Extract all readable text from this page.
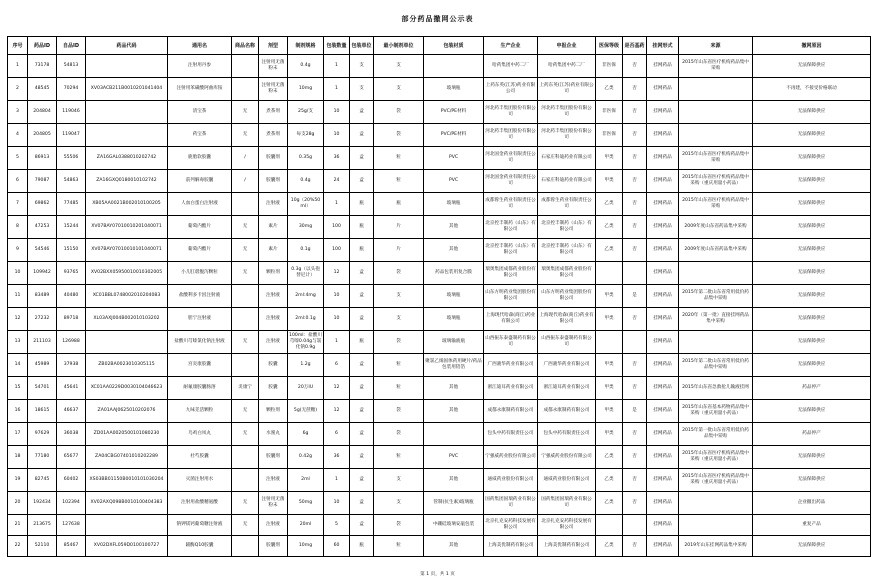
部分药品撤网公示表
序号	药品ID	自品ID	药品代码	通用名	商品名称	剂型	制剂规格	包装数量	包装单位	最小制剂单位	包装材质	生产企业	申报企业	医保等级	是否基药	挂网形式	来源	撤网原因
1	73178	54813		注射用丹参		注射用无菌粉末	0.4g	1	支	支		哈药集团中药二厂	哈药集团中药二厂	非医保	否	挂网药品	2015年山东省医疗机构药品集中采购	无法保障供应
2	48545	70294	XV03ACB211B0010201041404	注射用苯磺酸阿曲库铵		注射用无菌粉末	10mg	1	支	支	玻璃瓶	上药东英(江苏)药业有限公司	上药东英(江苏)药业有限公司	乙类	否	挂网药品		不再建，不接受价格联动
3	204804	119046		清宝茶	无	煮茶剂	25g/支	10	盒	袋	PVC/PE材料	河北药丰集团股份有限公司	河北药丰集团股份有限公司	非医保	否	挂网药品		无法保障供应
4	204805	119047		药宝茶	无	煮茶剂	每支28g	10	盒	袋	PVC/PE材料	河北药丰集团股份有限公司	河北药丰集团股份有限公司	非医保	否	挂网药品		无法保障供应
5	86913	55506	ZA16GAL0388010202742	鹿胎软胶囊	/	胶囊剂	0.35g	36	盒	粒	PVC	河北国金药业有限责任公司	石家庄科迪药业有限公司	甲类	否	挂网药品	2015年山东省医疗机构药品集中采购	无法保障供应
6	79087	54863	ZA16GXQ0180010102742	前列解毒胶囊	/	胶囊剂	0.4g	24	盒	粒	PVC	河北国金药业有限责任公司	石家庄科迪药业有限公司	甲类	否	挂网药品	2015年山东省医疗机构药品集中采购（重庆用量小药品）	无法保障供应
7	69862	77485	XB05AA0021B002010100205	人血白蛋白注射液		注射液	10g（20%50ml）	1	瓶	瓶	玻璃瓶	成都蓉生药业有限责任公司	成都蓉生药业有限责任公司	乙类	否	挂网药品	2015年山东省医疗机构药品集中采购	无法保障供应
8	47253	15244	XV07BAY07010010201040071	葡萄内酯片	无	素片	30mg	100	瓶	片	其他	北京控丰制药（山东）有限公司	北京控丰制药（山东）有限公司	乙类	否	挂网药品	2009年度山东省药品集中采购	无法保障供应
9	54546	15150	XV07BAY07010010101040071	葡萄内酯片	无	素片	0.1g	100	瓶	片	其他	北京控丰制药（山东）有限公司	北京控丰制药（山东）有限公司	乙类	否	挂网药品	2009年度山东省药品集中采购	无法保障供应
10	109942	93765	XV02BXX05950010010302005	小儿肛谐腹泻颗粒	无	颗粒剂	0.3g（以头孢替尼计）	12	盒	袋	药品包装用复合膜	瑞奥集团成都药业股份有限公司	瑞奥集团成都药业股份有限公司			挂网药品		无法保障供应
11	83489	40480	XC01BBL0748002010204083	盐酸利多卡因注射液		注射液	2ml:4mg	10	盒	支	玻璃瓶	山东方明药业集团股份有限公司	山东方明药业集团股份有限公司	甲类	是	挂网药品	2015年第二批山东省常用低价药品集中采购	无法保障供应
12	27232	89718	XL03AXJ004B002010103202	胆宁注射液		注射液	2ml:0.1g	10	盒	支	玻璃瓶	上海现代哈森(商丘)药业有限公司	上海现代哈森(商丘)药业有限公司	甲类	否	挂网药品	2020年（第一批）直接挂网药品集中采购	无法保障供应
13	211103	126988		盐酸川芎嗪氯化钠注射液	无	注射液	100ml：盐酸川芎嗪0.04g与氯化钠0.9g	1	瓶	袋	玻璃输液瓶	山西振东泰盛制药有限公司	山西振东泰盛制药有限公司			挂网药品		无法保障供应
14	45989	37938	ZB02BA0023010305115	宫炎康胶囊		胶囊	1.2g	6	盒	粒	聚氯乙烯固体药用硬片/药品包装用铝箔	广西骏华药业有限公司	广西骏华药业有限公司	甲类	否	挂网药品	2015年第二批山东省常用低价药品集中采购	无法保障供应
15	54701	45641	XC01AA0229D0030104046623	耐氟康胶囊肠溶	炎康宁	胶囊	20万IU	12	盒	粒	其他	浙江迪耳药业有限公司	浙江迪耳药业有限公司	甲类	否	挂网药品	2015年山东省急救抢儿输液挂网	药品停产
16	18615	46637	ZA01AAJ0625010202076	九味羌活颗粒	无	颗粒剂	5g(无蔗糖)	12	盒	袋	其他	成都永康制药有限公司	成都永康制药有限公司	甲类	是	挂网药品	2015年山东省基本药物药品集中采购（重庆用量小药品）	无法保障供应
17	97629	36038	ZD01AA0020500101080230	乌鸡白凤丸	无	水蜜丸	6g	6	盒	袋		包头中药有限责任公司	包头中药有限责任公司	甲类	否	挂网药品	2015年第一批山东省常用低价药品集中采购	药品停产
18	77180	65677	ZA04CBG07401010202289	杜芍胶囊		胶囊剂	0.42g	36	盒	粒	PVC	宁强威药业股份有限公司	宁强威药业股份有限公司	乙类	否	挂网药品	2015年山东省医疗机构药品集中采购（重庆用量小药品）	无法保障供应
19	82745	60402	XS03BB01150B0010101030204	灭菌注射用水		注射液	2ml	1	盒	支	其他	通威药业股份有限公司	通威药业股份有限公司	乙类	否	挂网药品	2015年山东省医疗机构药品集中采购（重庆用量小药品）	无法保障供应
20	192434	102394	XV02AXQ098B0010100404383	注射用盐酸精氨酸	无	注射用无菌粉末	50mg	10	盒	支	管制(抗生素)玻璃瓶	国药集团国瑞药业有限公司	国药集团国瑞药业有限公司	乙类	否	挂网药品		企业撤出药品
21	213675	127638		钠钾镁钙葡萄糖注射液	无	注射液	20ml	5	盒	袋	中硼硅玻璃安瓿包装	北京扎克安药科技发展有限公司	北京扎克安药科技发展有限公司			挂网药品		重复产品
22	52110	85467	XV02DXFL059D0100100727	辅酶Q10胶囊		胶囊剂	10mg	60	瓶	粒	其他	上海美优制药有限公司	上海美优制药有限公司	乙类	否	挂网药品	2019年山东挂网药品集中采购	无法保障供应
第 1 页，共 1 页
